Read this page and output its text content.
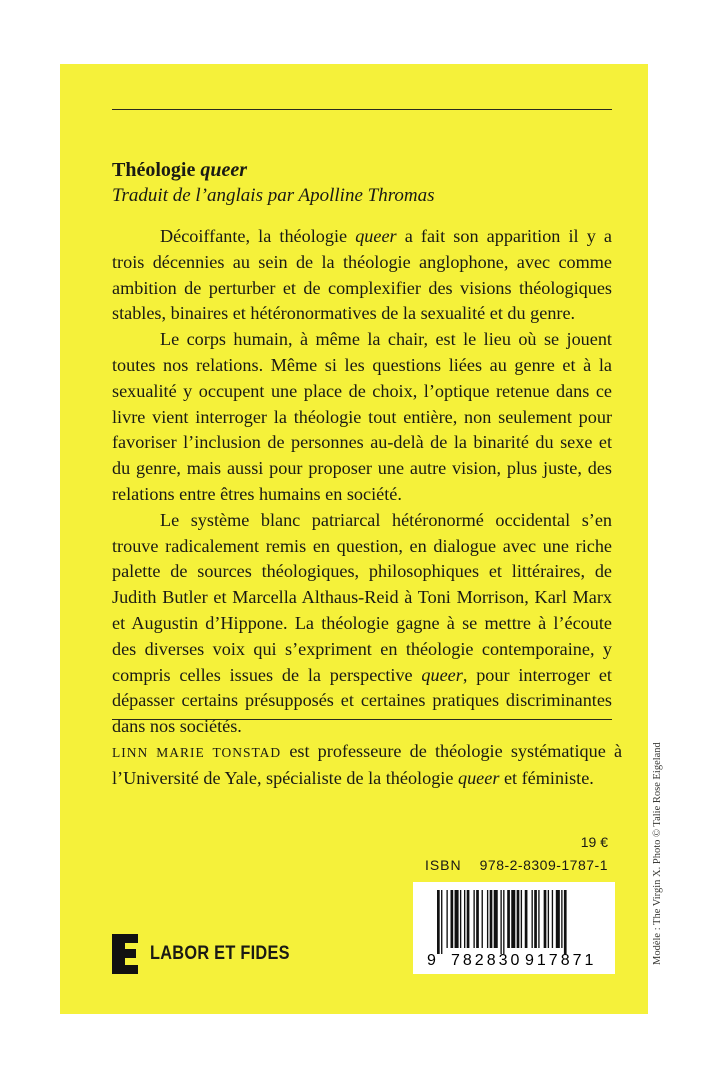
Théologie queer
Traduit de l’anglais par Apolline Thromas

Décoiffante, la théologie queer a fait son apparition il y a trois décennies au sein de la théologie anglophone, avec comme ambition de perturber et de complexifier des visions théologiques stables, binaires et hétéronormatives de la sexualité et du genre.

Le corps humain, à même la chair, est le lieu où se jouent toutes nos relations. Même si les questions liées au genre et à la sexualité y occupent une place de choix, l’optique retenue dans ce livre vient interroger la théologie tout entière, non seulement pour favoriser l’inclusion de personnes au-delà de la binarité du sexe et du genre, mais aussi pour proposer une autre vision, plus juste, des relations entre êtres humains en société.

Le système blanc patriarcal hétéronormé occidental s’en trouve radicalement remis en question, en dialogue avec une riche palette de sources théologiques, philosophiques et littéraires, de Judith Butler et Marcella Althaus-Reid à Toni Morrison, Karl Marx et Augustin d’Hippone. La théologie gagne à se mettre à l’écoute des diverses voix qui s’expriment en théologie contemporaine, y compris celles issues de la perspective queer, pour interroger et dépasser certains présupposés et certaines pratiques discriminantes dans nos sociétés.

LINN MARIE TONSTAD est professeure de théologie systématique à l’Université de Yale, spécialiste de la théologie queer et féministe.
19 €
ISBN 978-2-8309-1787-1
9 782830 917871
LABOR ET FIDES	Modèle : The Virgin X. Photo © Talie Rose Eigeland
